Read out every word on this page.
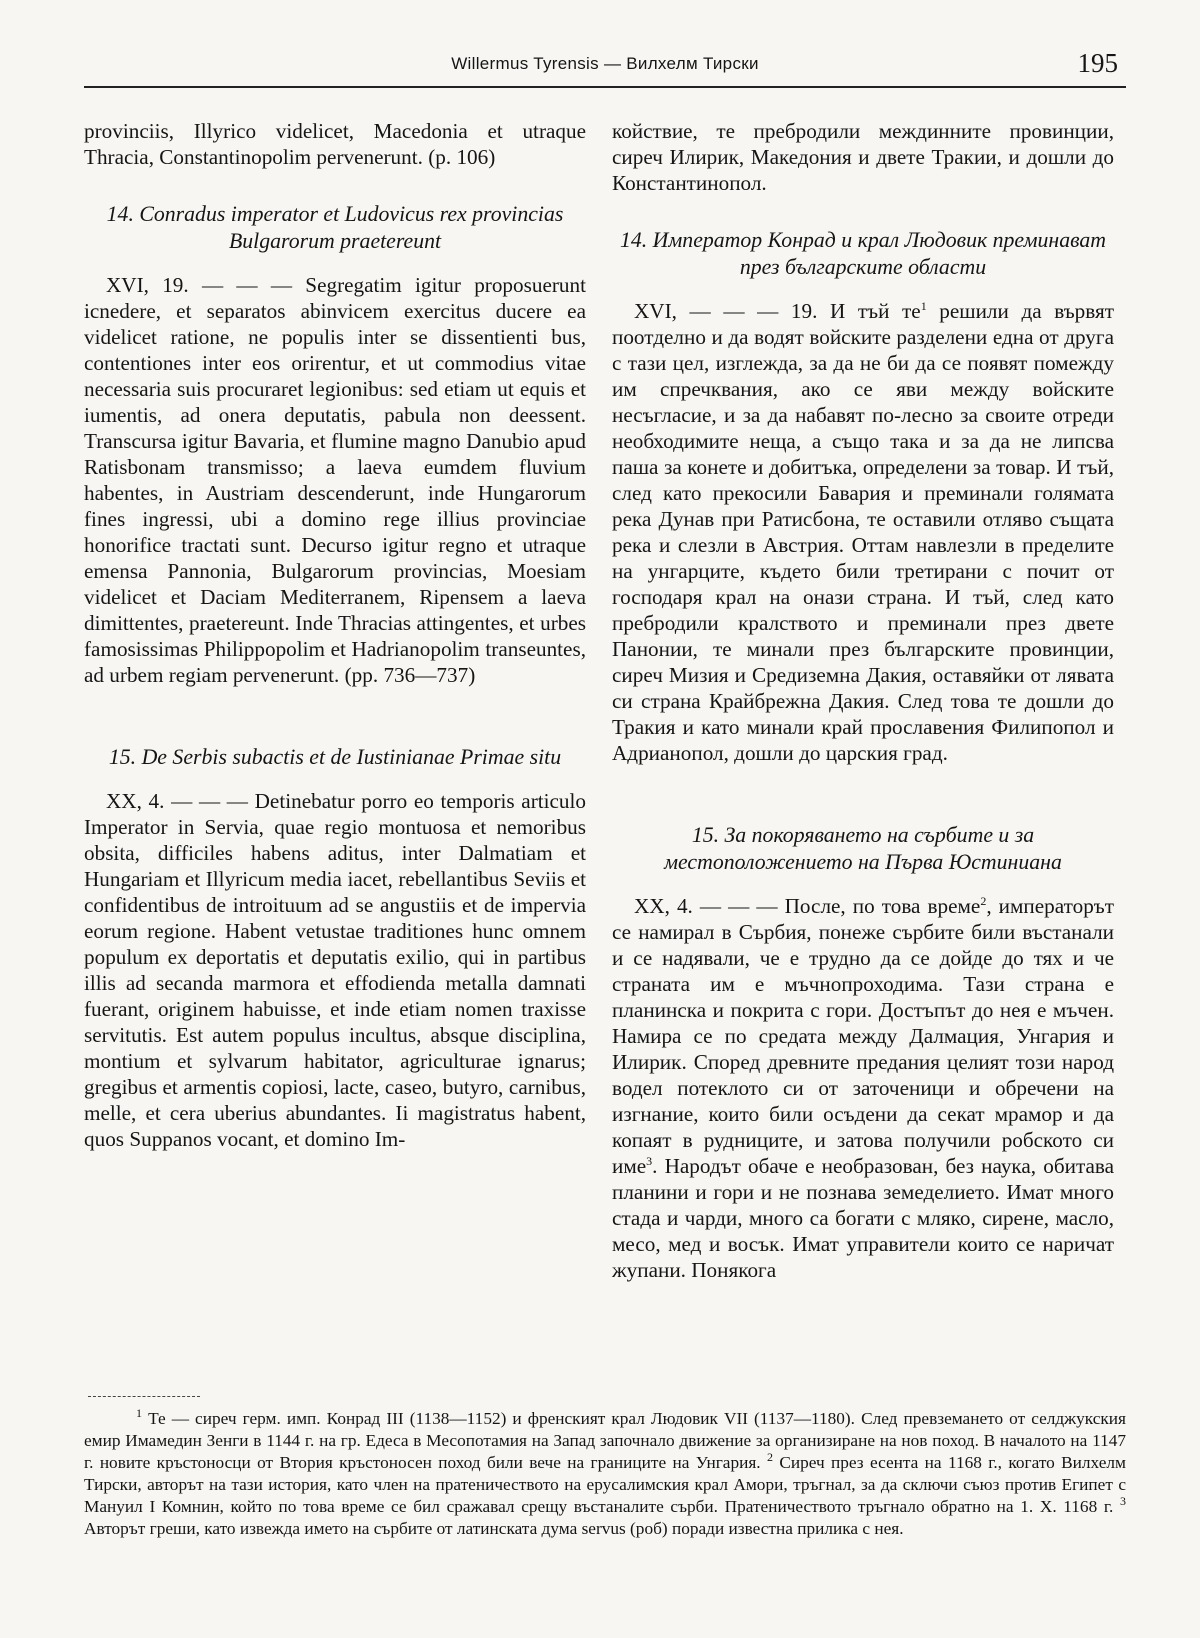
Willermus Tyrensis — Вилхелм Тирски	195

provinciis, Illyrico videlicet, Macedonia et utraque Thracia, Constantinopolim pervenerunt. (p. 106)

14. Conradus imperator et Ludovicus rex provincias Bulgarorum praetereunt

XVI, 19. — — — Segregatim igitur proposuerunt icnedere, et separatos abinvicem exercitus ducere ea videlicet ratione, ne populis inter se dissentienti bus, contentiones inter eos orirentur, et ut commodius vitae necessaria suis procuraret legionibus: sed etiam ut equis et iumentis, ad onera deputatis, pabula non deessent. Transcursa igitur Bavaria, et flumine magno Danubio apud Ratisbonam transmisso; a laeva eumdem fluvium habentes, in Austriam descenderunt, inde Hungarorum fines ingressi, ubi a domino rege illius provinciae honorifice tractati sunt. Decurso igitur regno et utraque emensa Pannonia, Bulgarorum provincias, Moesiam videlicet et Daciam Mediterranem, Ripensem a laeva dimittentes, praetereunt. Inde Thracias attingentes, et urbes famosissimas Philippopolim et Hadrianopolim transeuntes, ad urbem regiam pervenerunt. (pp. 736—737)

15. De Serbis subactis et de Iustinianae Primae situ

XX, 4. — — — Detinebatur porro eo temporis articulo Imperator in Servia, quae regio montuosa et nemoribus obsita, difficiles habens aditus, inter Dalmatiam et Hungariam et Illyricum media iacet, rebellantibus Seviis et confidentibus de introituum ad se angustiis et de impervia eorum regione. Habent vetustae traditiones hunc omnem populum ex deportatis et deputatis exilio, qui in partibus illis ad secanda marmora et effodienda metalla damnati fuerant, originem habuisse, et inde etiam nomen traxisse servitutis. Est autem populus incultus, absque disciplina, montium et sylvarum habitator, agriculturae ignarus; gregibus et armentis copiosi, lacte, caseo, butyro, carnibus, melle, et cera uberius abundantes. Ii magistratus habent, quos Suppanos vocant, et domino Im-

койствие, те пребродили междинните провинции, сиреч Илирик, Македония и двете Тракии, и дошли до Константинопол.

14. Император Конрад и крал Людовик преминават през българските области

XVI, — — — 19. И тъй $те^1$ решили да вървят поотделно и да водят войските разделени една от друга с тази цел, изглежда, за да не би да се появят помежду им спречквания, ако се яви между войските несъгласие, и за да набавят по-лесно за своите отреди необходимите неща, а също така и за да не липсва паша за конете и добитъка, определени за товар. И тъй, след като прекосили Бавария и преминали голямата река Дунав при Ратисбона, те оставили отляво същата река и слезли в Австрия. Оттам навлезли в пределите на унгарците, където били третирани с почит от господаря крал на онази страна. И тъй, след като пребродили кралството и преминали през двете Панонии, те минали през българските провинции, сиреч Мизия и Средиземна Дакия, оставяйки от лявата си страна Крайбрежна Дакия. След това те дошли до Тракия и като минали край прославения Филипопол и Адрианопол, дошли до царския град.

15. За покоряването на сърбите и за местоположението на Първа Юстиниана

XX, 4. — — — После, по това време$^2$, императорът се намирал в Сърбия, понеже сърбите били въстанали и се надявали, че е трудно да се дойде до тях и че страната им е мъчнопроходима. Тази страна е планинска и покрита с гори. Достъпът до нея е мъчен. Намира се по средата между Далмация, Унгария и Илирик. Според древните предания целият този народ водел потеклото си от заточеници и обречени на изгнание, които били осъдени да секат мрамор и да копаят в рудниците, и затова получили робското си име$^3$. Народът обаче е необразован, без наука, обитава планини и гори и не познава земеделието. Имат много стада и чарди, много са богати с мляко, сирене, масло, месо, мед и восък. Имат управители които се наричат жупани. Понякога

$^1$ Те — сиреч герм. имп. Конрад III (1138—1152) и френският крал Людовик VII (1137—1180). След превземането от селджукския емир Имамедин Зенги в 1144 г. на гр. Едеса в Месопотамия на Запад започнало движение за организиране на нов поход. В началото на 1147 г. новите кръстоносци от Втория кръстоносен поход били вече на границите на Унгария. $^2$ Сиреч през есента на 1168 г., когато Вилхелм Тирски, авторът на тази история, като член на пратеничеството на ерусалимския крал Амори, тръгнал, за да сключи съюз против Египет с Мануил I Комнин, който по това време се бил сражавал срещу въстаналите сърби. Пратеничеството тръгнало обратно на 1. X. 1168 г. $^3$ Авторът греши, като извежда името на сърбите от латинската дума servus (роб) поради известна прилика с нея.
